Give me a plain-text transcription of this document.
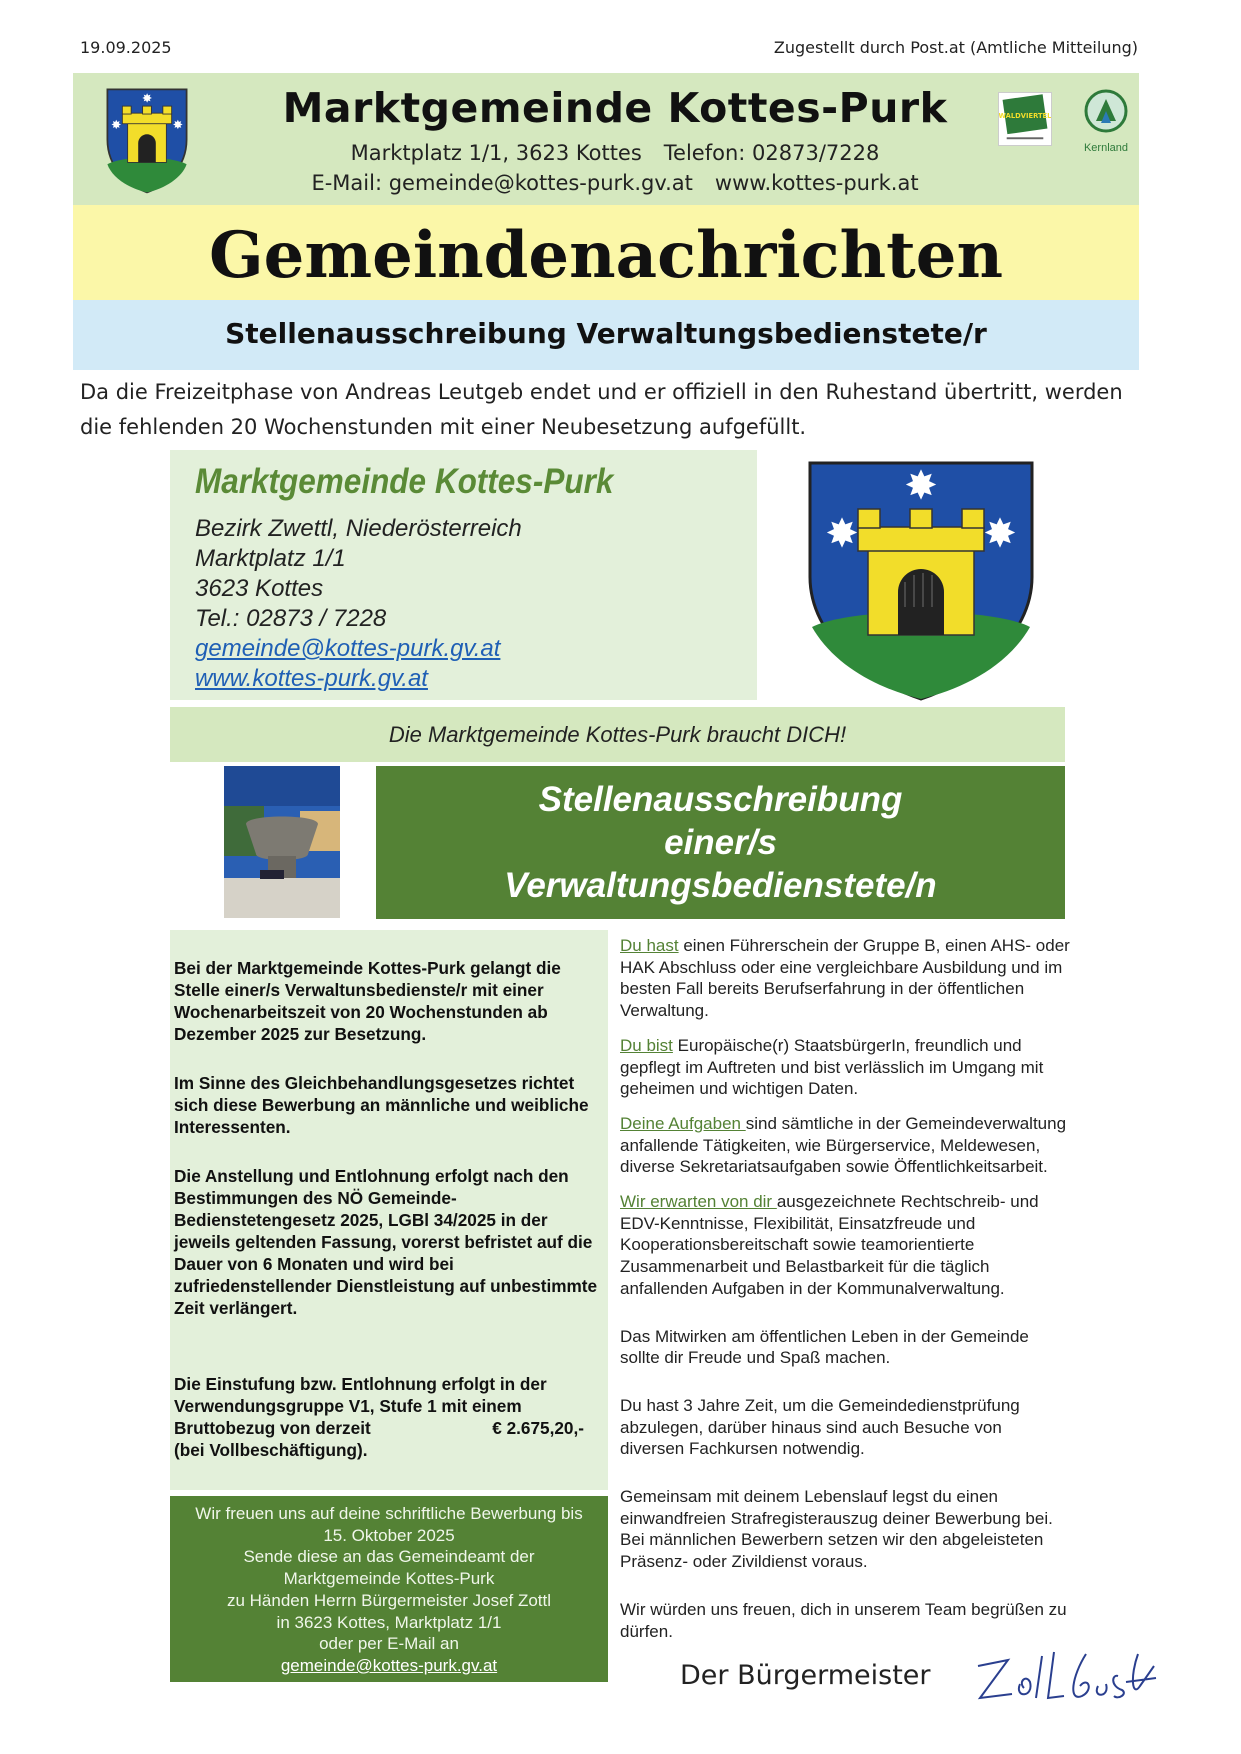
19.09.2025	Zugestellt durch Post.at (Amtliche Mitteilung)
✸
✸	✸	Marktgemeinde Kottes-Purk
Marktplatz 1/1, 3623 Kottes Telefon: 02873/7228
E-Mail: gemeinde@kottes-purk.gv.at www.kottes-purk.at
WALDVIERTEL
Kernland
Gemeindenachrichten
Stellenausschreibung Verwaltungsbedienstete/r
Da die Freizeitphase von Andreas Leutgeb endet und er offiziell in den Ruhestand übertritt, werden die fehlenden 20 Wochenstunden mit einer Neubesetzung aufgefüllt.
Marktgemeinde Kottes-Purk
Bezirk Zwettl, Niederösterreich
Marktplatz 1/1
3623 Kottes
Tel.: 02873 / 7228
gemeinde@kottes-purk.gv.at
www.kottes-purk.gv.at
✸
✸	✸
Die Marktgemeinde Kottes-Purk braucht DICH!
Stellenausschreibung
einer/s
Verwaltungsbedienstete/n

Bei der Marktgemeinde Kottes-Purk gelangt die Stelle einer/s Verwaltunsbedienste/r mit einer Wochenarbeitszeit von 20 Wochenstunden ab Dezember 2025 zur Besetzung.

Im Sinne des Gleichbehandlungsgesetzes richtet sich diese Bewerbung an männliche und weibliche Interessenten.

Die Anstellung und Entlohnung erfolgt nach den Bestimmungen des NÖ Gemeinde-Bedienstetengesetz 2025, LGBl 34/2025 in der jeweils geltenden Fassung, vorerst befristet auf die Dauer von 6 Monaten und wird bei zufriedenstellender Dienstleistung auf unbestimmte Zeit verlängert.

Die Einstufung bzw. Entlohnung erfolgt in der Verwendungsgruppe V1, Stufe 1 mit einem
Bruttobezug von derzeit	€ 2.675,20,-
(bei Vollbeschäftigung).

Wir freuen uns auf deine schriftliche Bewerbung bis
15. Oktober 2025
Sende diese an das Gemeindeamt der
Marktgemeinde Kottes-Purk
zu Händen Herrn Bürgermeister Josef Zottl
in 3623 Kottes, Marktplatz 1/1
oder per E-Mail an
gemeinde@kottes-purk.gv.at

Du hast einen Führerschein der Gruppe B, einen AHS- oder HAK Abschluss oder eine vergleichbare Ausbildung und im besten Fall bereits Berufserfahrung in der öffentlichen Verwaltung.

Du bist Europäische(r) StaatsbürgerIn, freundlich und gepflegt im Auftreten und bist verlässlich im Umgang mit geheimen und wichtigen Daten.

Deine Aufgaben sind sämtliche in der Gemeindeverwaltung anfallende Tätigkeiten, wie Bürgerservice, Meldewesen, diverse Sekretariatsaufgaben sowie Öffentlichkeitsarbeit.

Wir erwarten von dir ausgezeichnete Rechtschreib- und EDV-Kenntnisse, Flexibilität, Einsatzfreude und Kooperationsbereitschaft sowie teamorientierte Zusammenarbeit und Belastbarkeit für die täglich anfallenden Aufgaben in der Kommunalverwaltung.

Das Mitwirken am öffentlichen Leben in der Gemeinde sollte dir Freude und Spaß machen.

Du hast 3 Jahre Zeit, um die Gemeindedienstprüfung abzulegen, darüber hinaus sind auch Besuche von diversen Fachkursen notwendig.

Gemeinsam mit deinem Lebenslauf legst du einen einwandfreien Strafregisterauszug deiner Bewerbung bei. Bei männlichen Bewerbern setzen wir den abgeleisteten Präsenz- oder Zivildienst voraus.

Wir würden uns freuen, dich in unserem Team begrüßen zu dürfen.

Der Bürgermeister
